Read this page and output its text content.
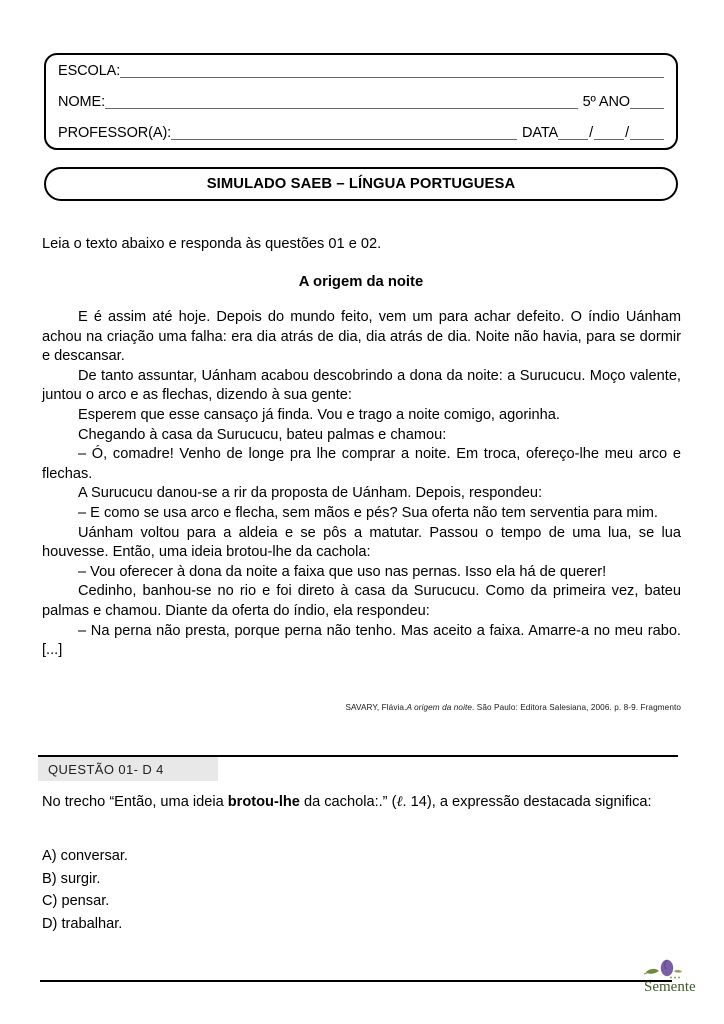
ESCOLA:
NOME:	5º ANO
PROFESSOR(A):	DATA / /
SIMULADO SAEB – LÍNGUA PORTUGUESA
Leia o texto abaixo e responda às questões 01 e 02.
A origem da noite

E é assim até hoje. Depois do mundo feito, vem um para achar defeito. O índio Uánham achou na criação uma falha: era dia atrás de dia, dia atrás de dia. Noite não havia, para se dormir e descansar.

De tanto assuntar, Uánham acabou descobrindo a dona da noite: a Surucucu. Moço valente, juntou o arco e as flechas, dizendo à sua gente:

Esperem que esse cansaço já finda. Vou e trago a noite comigo, agorinha.

Chegando à casa da Surucucu, bateu palmas e chamou:

– Ó, comadre! Venho de longe pra lhe comprar a noite. Em troca, ofereço-lhe meu arco e flechas.

A Surucucu danou-se a rir da proposta de Uánham. Depois, respondeu:

– E como se usa arco e flecha, sem mãos e pés? Sua oferta não tem serventia para mim.

Uánham voltou para a aldeia e se pôs a matutar. Passou o tempo de uma lua, se lua houvesse. Então, uma ideia brotou-lhe da cachola:

– Vou oferecer à dona da noite a faixa que uso nas pernas. Isso ela há de querer!

Cedinho, banhou-se no rio e foi direto à casa da Surucucu. Como da primeira vez, bateu palmas e chamou. Diante da oferta do índio, ela respondeu:

– Na perna não presta, porque perna não tenho. Mas aceito a faixa. Amarre-a no meu rabo.[...]

SAVARY, Flávia.A origem da noite. São Paulo: Editora Salesiana, 2006. p. 8-9. Fragmento
QUESTÃO 01- D 4
No trecho “Então, uma ideia brotou-lhe da cachola:.” (ℓ. 14), a expressão destacada significa:
A) conversar.
B) surgir.
C) pensar.
D) trabalhar.
Semente
